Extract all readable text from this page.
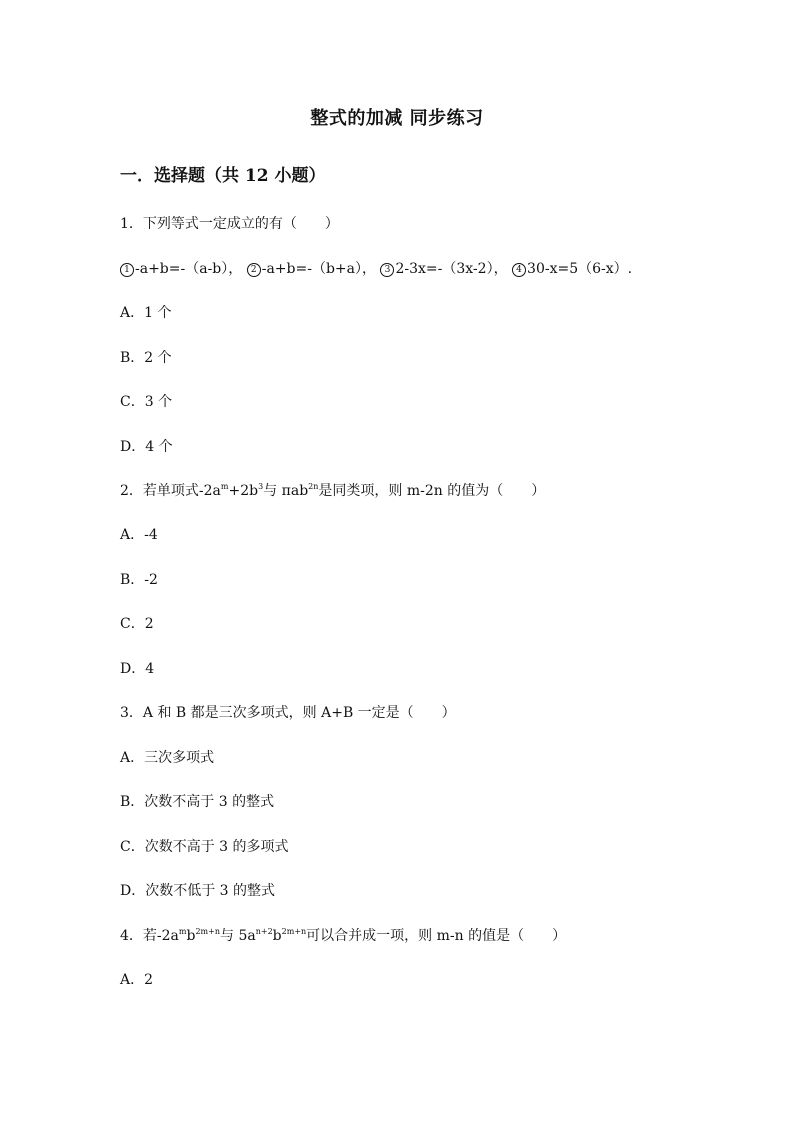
整式的加减 同步练习
一．选择题（共 12 小题）
1．下列等式一定成立的有（　　）
1 -a+b=-（a-b）， 2 -a+b=-（b+a）， 3 2-3x=-（3x-2）， 4 30-x=5（6-x）.
A．1 个
B．2 个
C．3 个
D．4 个
2．若单项式$-2a^m+2b^3$与 πab$^{2n}$是同类项，则 m-2n 的值为（　　）
A．-4
B．-2
C．2
D．4
3．A 和 B 都是三次多项式，则 A+B 一定是（　　）
A．三次多项式
B．次数不高于 3 的整式
C．次数不高于 3 的多项式
D．次数不低于 3 的整式
4．若$-2a^mb^{2m+n}$与 $5a^{n+2}b^{2m+n}$可以合并成一项，则 m-n 的值是（　　）
A．2
